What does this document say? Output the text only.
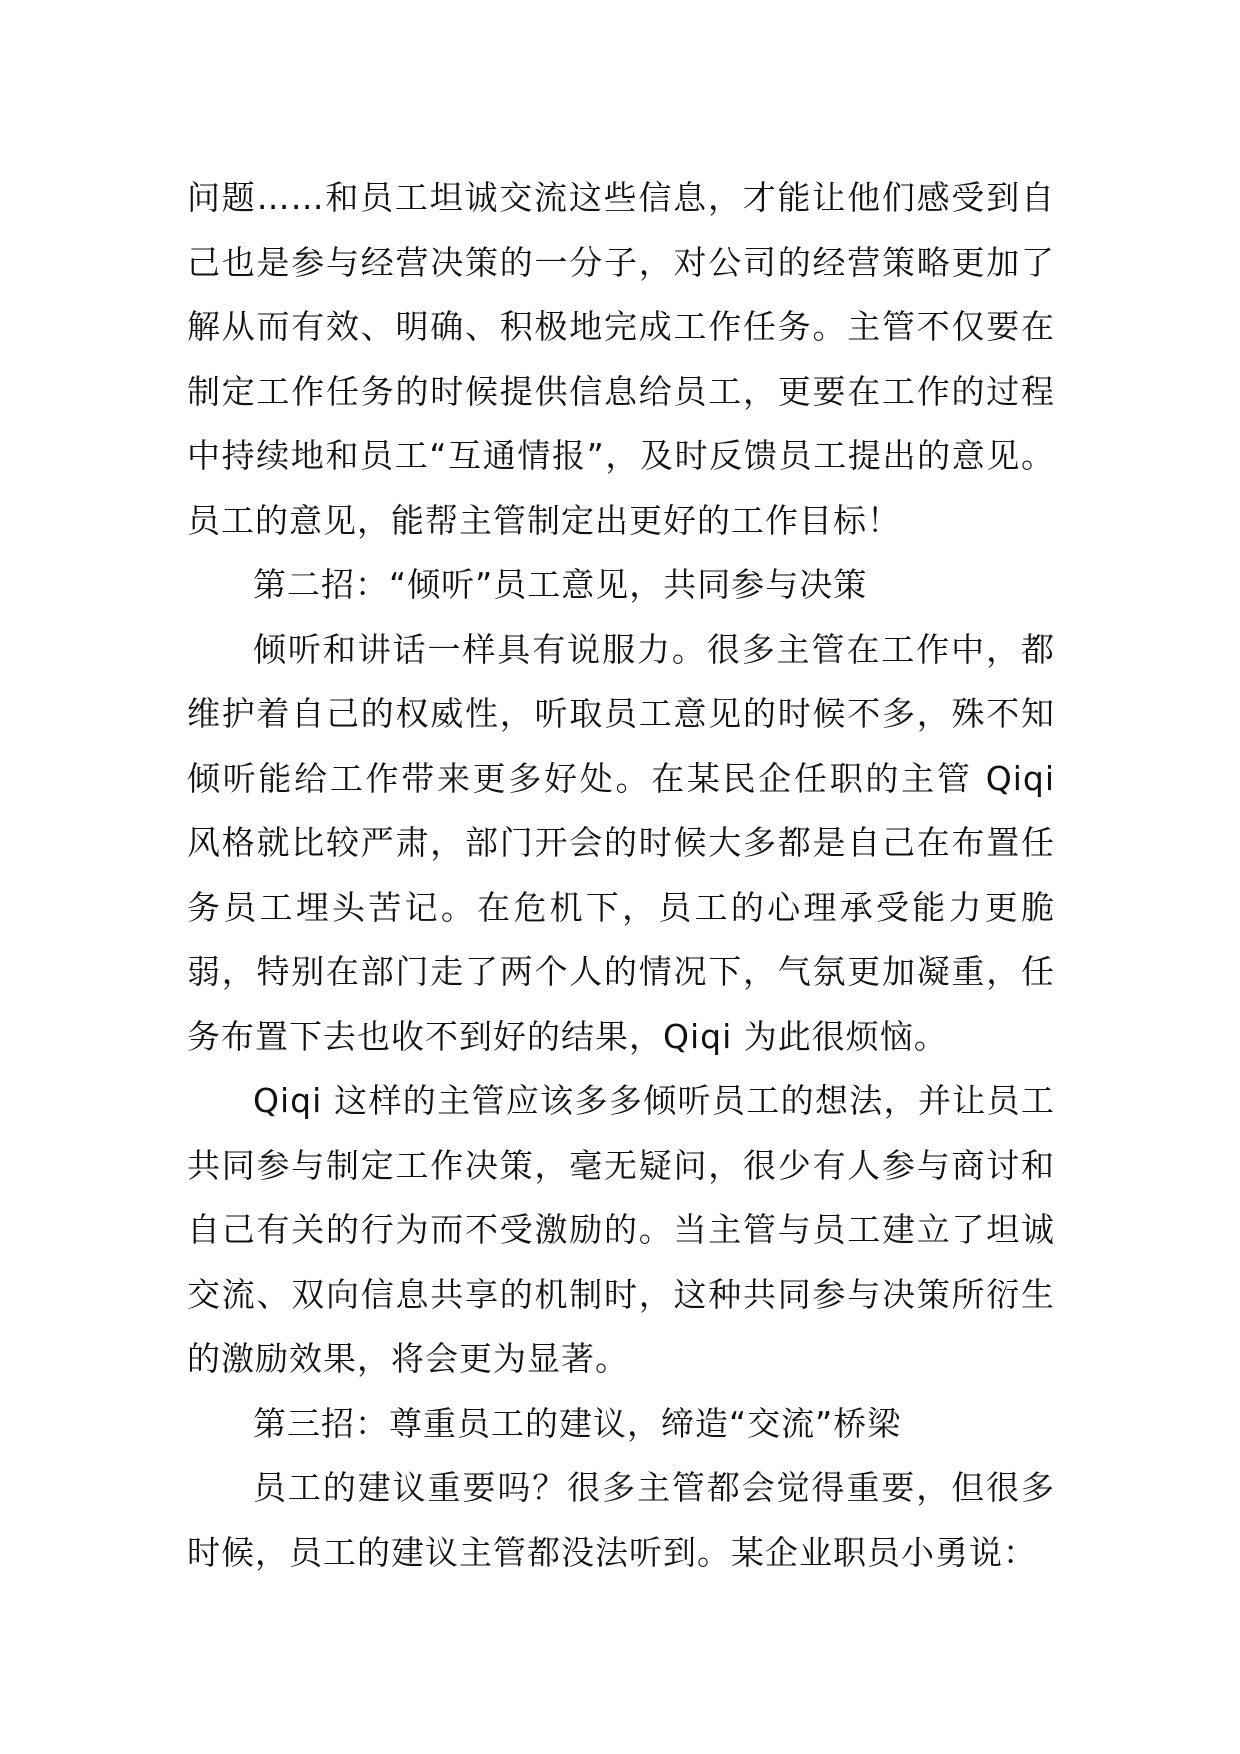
问题……和员工坦诚交流这些信息，才能让他们感受到自己也是参与经营决策的一分子，对公司的经营策略更加了解从而有效、明确、积极地完成工作任务。主管不仅要在制定工作任务的时候提供信息给员工，更要在工作的过程中持续地和员工“互通情报”，及时反馈员工提出的意见。员工的意见，能帮主管制定出更好的工作目标！

第二招：“倾听”员工意见，共同参与决策

倾听和讲话一样具有说服力。很多主管在工作中，都维护着自己的权威性，听取员工意见的时候不多，殊不知倾听能给工作带来更多好处。在某民企任职的主管 Qiqi 风格就比较严肃，部门开会的时候大多都是自己在布置任务员工埋头苦记。在危机下，员工的心理承受能力更脆弱，特别在部门走了两个人的情况下，气氛更加凝重，任务布置下去也收不到好的结果，Qiqi 为此很烦恼。

Qiqi 这样的主管应该多多倾听员工的想法，并让员工共同参与制定工作决策，毫无疑问，很少有人参与商讨和自己有关的行为而不受激励的。当主管与员工建立了坦诚交流、双向信息共享的机制时，这种共同参与决策所衍生的激励效果，将会更为显著。

第三招：尊重员工的建议，缔造“交流”桥梁

员工的建议重要吗？很多主管都会觉得重要，但很多时候，员工的建议主管都没法听到。某企业职员小勇说：
